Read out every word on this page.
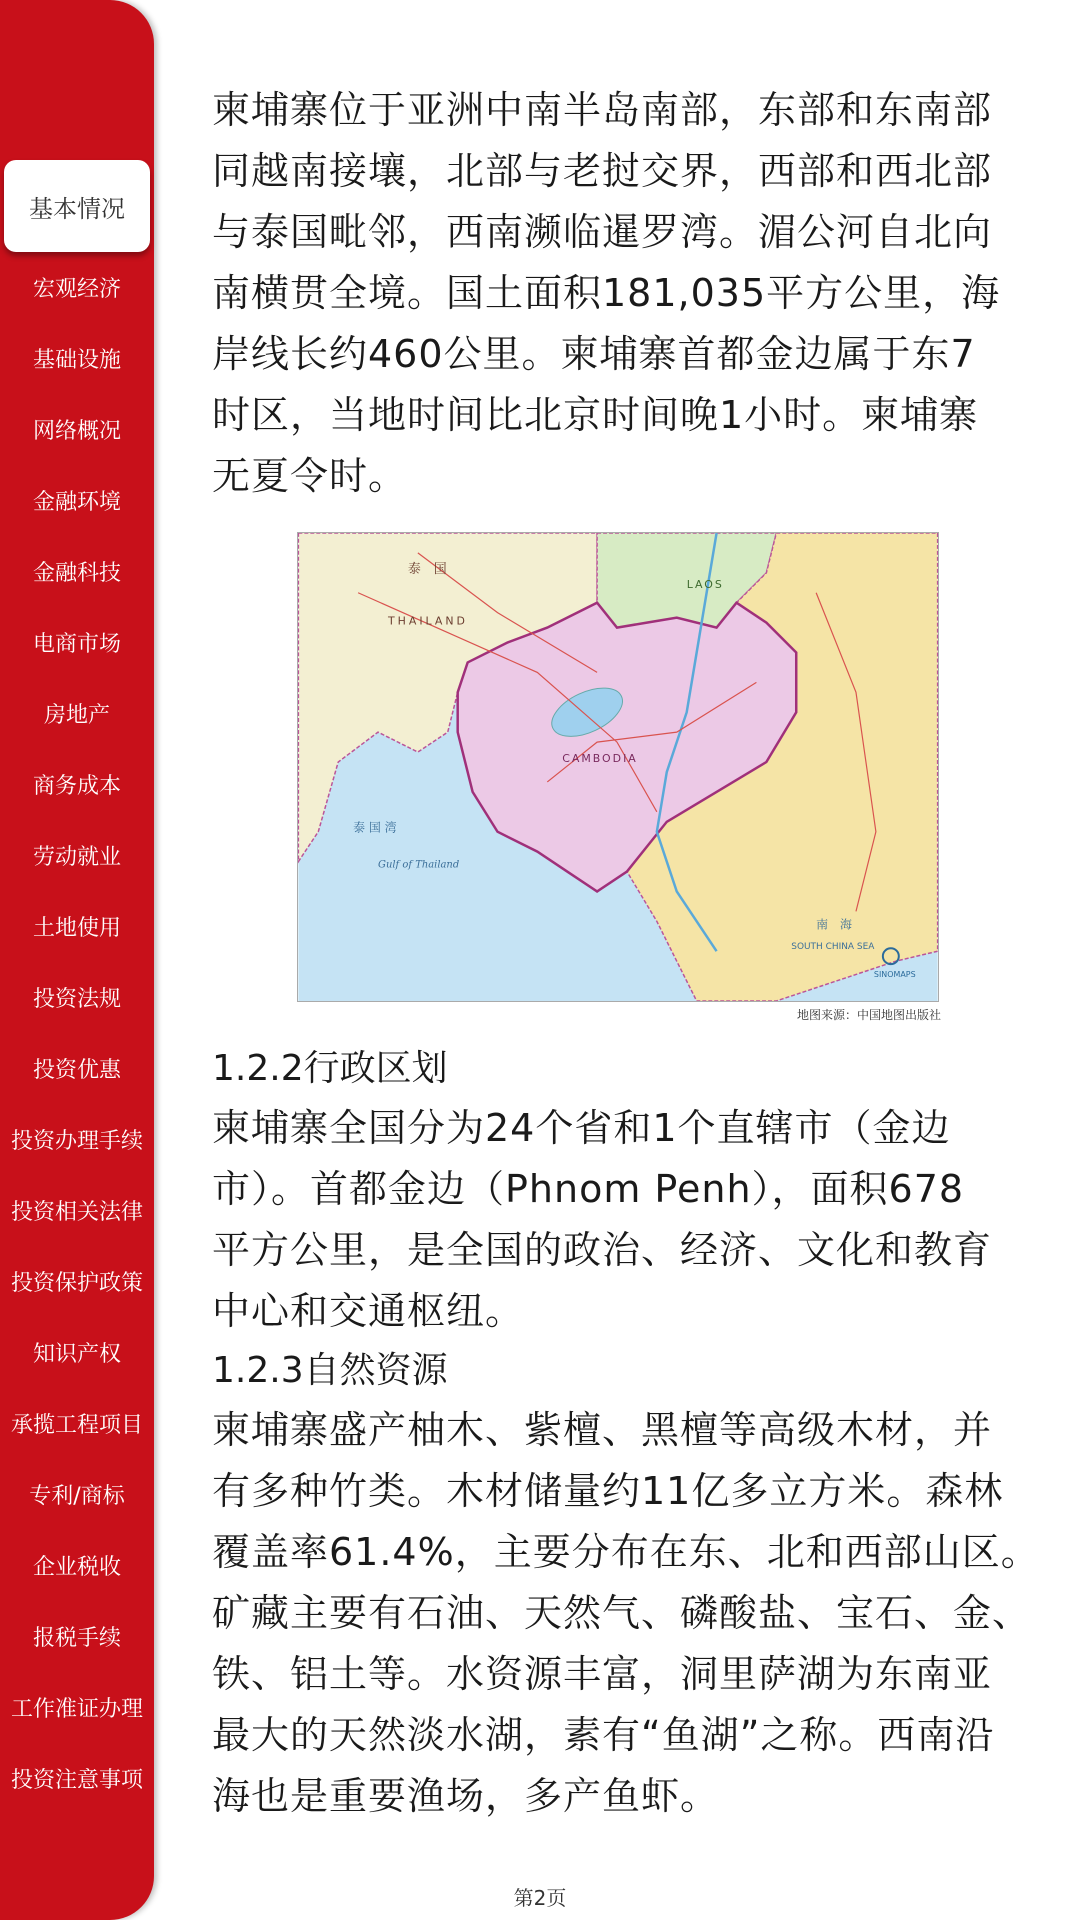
基本情况
宏观经济
基础设施
网络概况
金融环境
金融科技
电商市场
房地产
商务成本
劳动就业
土地使用
投资法规
投资优惠
投资办理手续
投资相关法律
投资保护政策
知识产权
承揽工程项目
专利/商标
企业税收
报税手续
工作准证办理
投资注意事项

柬埔寨位于亚洲中南半岛南部，东部和东南部

同越南接壤，北部与老挝交界，西部和西北部

与泰国毗邻，西南濒临暹罗湾。湄公河自北向

南横贯全境。国土面积181,035平方公里，海

岸线长约460公里。柬埔寨首都金边属于东7

时区，当地时间比北京时间晚1小时。柬埔寨

无夏令时。

泰　国
THAILAND
LAOS
CAMBODIA
泰 国 湾
Gulf of Thailand
南　海
SOUTH CHINA SEA
SINOMAPS
地图来源：中国地图出版社

1.2.2行政区划

柬埔寨全国分为24个省和1个直辖市（金边

市）。首都金边（Phnom Penh），面积678

平方公里，是全国的政治、经济、文化和教育

中心和交通枢纽。

1.2.3自然资源

柬埔寨盛产柚木、紫檀、黑檀等高级木材，并

有多种竹类。木材储量约11亿多立方米。森林

覆盖率61.4%，主要分布在东、北和西部山区。

矿藏主要有石油、天然气、磷酸盐、宝石、金、

铁、铝土等。水资源丰富，洞里萨湖为东南亚

最大的天然淡水湖，素有“鱼湖”之称。西南沿

海也是重要渔场，多产鱼虾。

第2页
